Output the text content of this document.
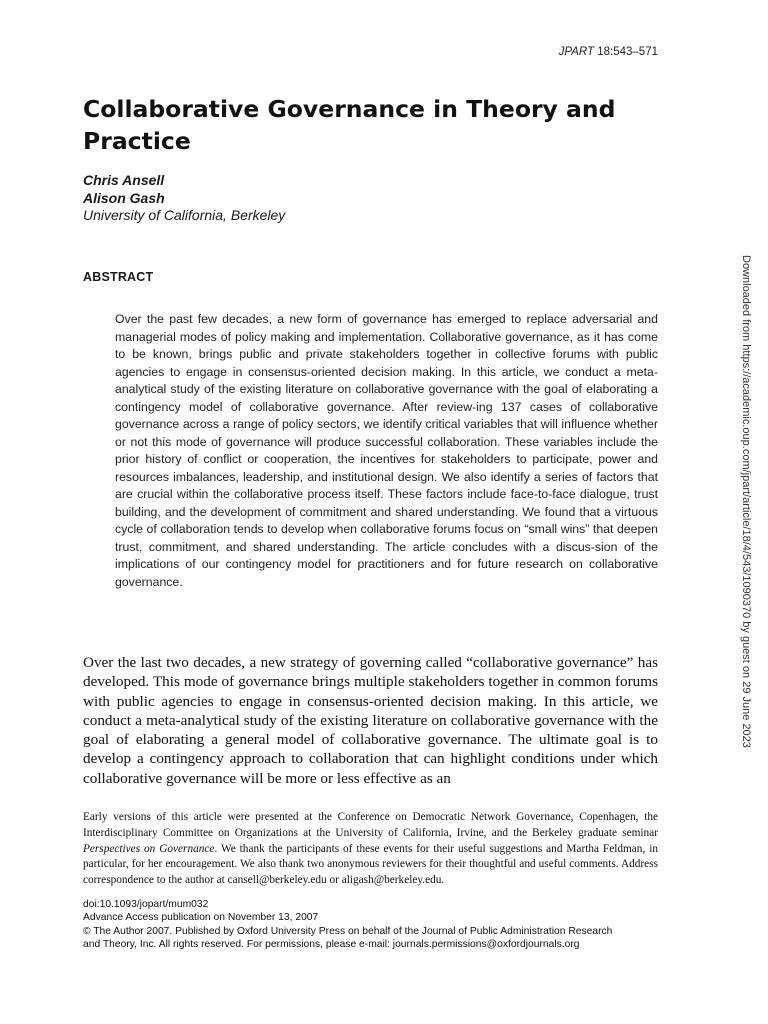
JPART 18:543–571
Collaborative Governance in Theory and Practice
Chris Ansell
Alison Gash
University of California, Berkeley
ABSTRACT

Over the past few decades, a new form of governance has emerged to replace adversarial and managerial modes of policy making and implementation. Collaborative governance, as it has come to be known, brings public and private stakeholders together in collective forums with public agencies to engage in consensus-oriented decision making. In this article, we conduct a meta-analytical study of the existing literature on collaborative governance with the goal of elaborating a contingency model of collaborative governance. After review-ing 137 cases of collaborative governance across a range of policy sectors, we identify critical variables that will influence whether or not this mode of governance will produce successful collaboration. These variables include the prior history of conflict or cooperation, the incentives for stakeholders to participate, power and resources imbalances, leadership, and institutional design. We also identify a series of factors that are crucial within the collaborative process itself. These factors include face-to-face dialogue, trust building, and the development of commitment and shared understanding. We found that a virtuous cycle of collaboration tends to develop when collaborative forums focus on “small wins” that deepen trust, commitment, and shared understanding. The article concludes with a discus-sion of the implications of our contingency model for practitioners and for future research on collaborative governance.

Over the last two decades, a new strategy of governing called “collaborative governance” has developed. This mode of governance brings multiple stakeholders together in common forums with public agencies to engage in consensus-oriented decision making. In this article, we conduct a meta-analytical study of the existing literature on collaborative governance with the goal of elaborating a general model of collaborative governance. The ultimate goal is to develop a contingency approach to collaboration that can highlight conditions under which collaborative governance will be more or less effective as an

Early versions of this article were presented at the Conference on Democratic Network Governance, Copenhagen, the Interdisciplinary Committee on Organizations at the University of California, Irvine, and the Berkeley graduate seminar Perspectives on Governance. We thank the participants of these events for their useful suggestions and Martha Feldman, in particular, for her encouragement. We also thank two anonymous reviewers for their thoughtful and useful comments. Address correspondence to the author at cansell@berkeley.edu or aligash@berkeley.edu.

doi:10.1093/jopart/mum032
Advance Access publication on November 13, 2007
© The Author 2007. Published by Oxford University Press on behalf of the Journal of Public Administration Research
and Theory, Inc. All rights reserved. For permissions, please e-mail: journals.permissions@oxfordjournals.org
Downloaded from https://academic.oup.com/jpart/article/18/4/543/1090370 by guest on 29 June 2023
